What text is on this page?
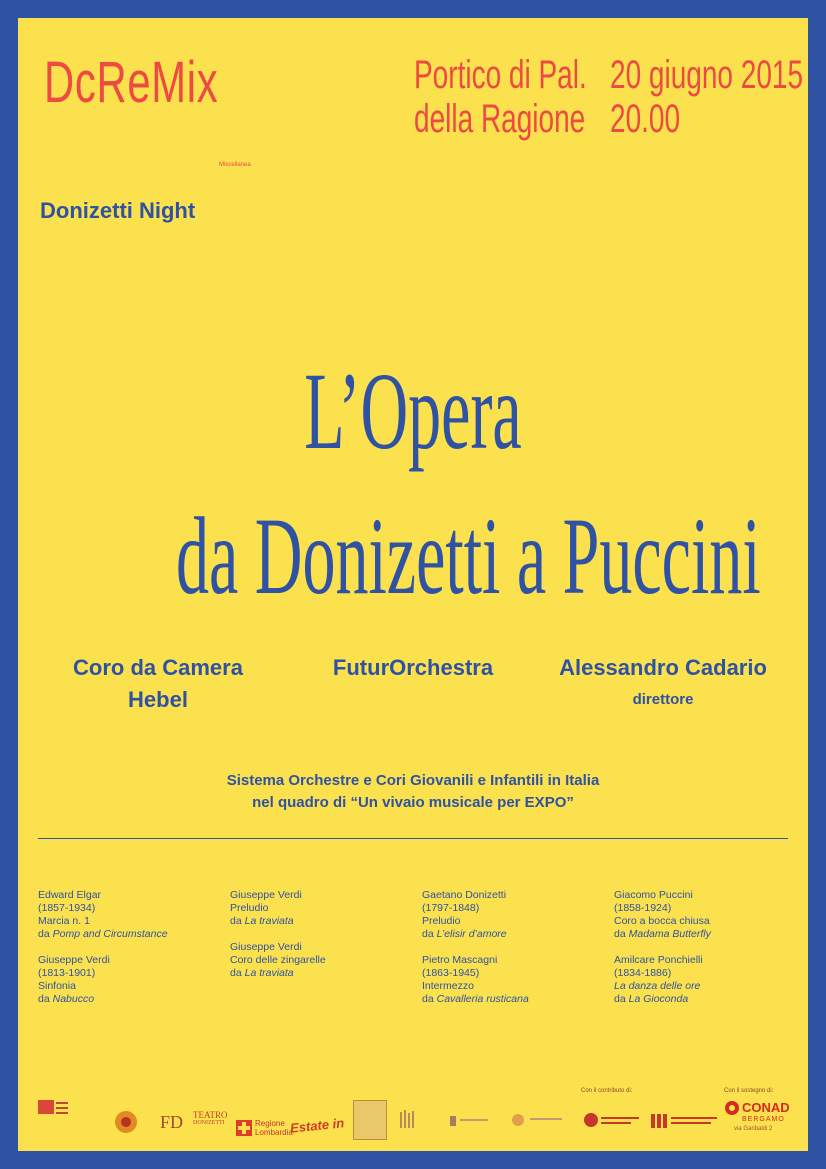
DcReMix
Miscellanea
Portico di Pal.
della Ragione
20 giugno 2015
20.00
Donizetti Night
L’Opera
da Donizetti a Puccini
Coro da Camera
Hebel
FuturOrchestra	Alessandro Cadario
direttore
Sistema Orchestre e Cori Giovanili e Infantili in Italia
nel quadro di “Un vivaio musicale per EXPO”
Edward Elgar
(1857-1934)
Marcia n. 1
da Pomp and Circumstance
Giuseppe Verdi
(1813-1901)
Sinfonia
da Nabucco
Giuseppe Verdi
Preludio
da La traviata
Giuseppe Verdi
Coro delle zingarelle
da La traviata
Gaetano Donizetti
(1797-1848)
Preludio
da L’elisir d’amore
Pietro Mascagni
(1863-1945)
Intermezzo
da Cavalleria rusticana
Giacomo Puccini
(1858-1924)
Coro a bocca chiusa
da Madama Butterfly
Amilcare Ponchielli
(1834-1886)
La danza delle ore
da La Gioconda
FD TEATRO
DONIZETTI	Regione
Lombardia
Estate in
Con il contributo di:	Con il sostegno di:
CONAD
BERGAMO
via Garibaldi 2
